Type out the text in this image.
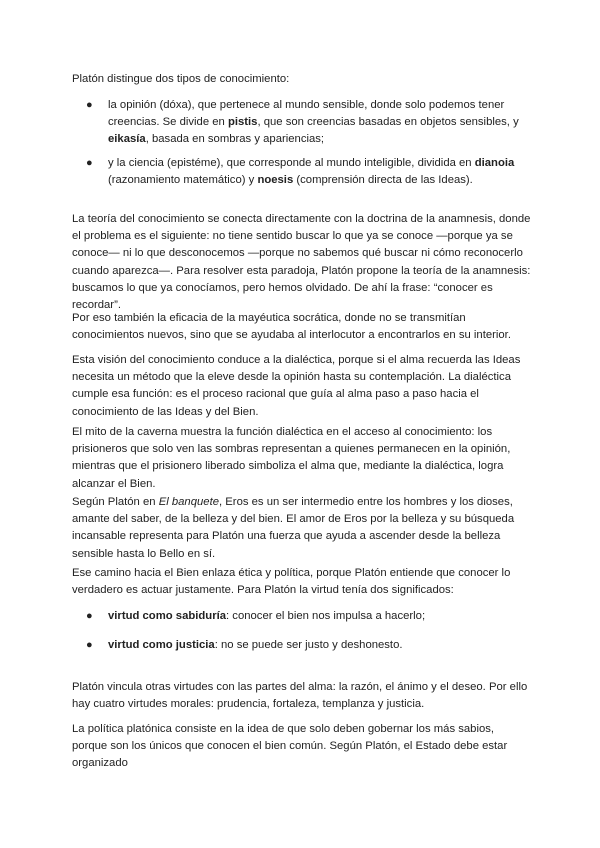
Platón distingue dos tipos de conocimiento:

● la opinión (dóxa), que pertenece al mundo sensible, donde solo podemos tener creencias. Se divide en pistis, que son creencias basadas en objetos sensibles, y eikasía, basada en sombras y apariencias;
● y la ciencia (epistéme), que corresponde al mundo inteligible, dividida en dianoia (razonamiento matemático) y noesis (comprensión directa de las Ideas).

La teoría del conocimiento se conecta directamente con la doctrina de la anamnesis, donde el problema es el siguiente: no tiene sentido buscar lo que ya se conoce —porque ya se conoce— ni lo que desconocemos —porque no sabemos qué buscar ni cómo reconocerlo cuando aparezca—. Para resolver esta paradoja, Platón propone la teoría de la anamnesis: buscamos lo que ya conocíamos, pero hemos olvidado. De ahí la frase: “conocer es recordar”.

Por eso también la eficacia de la mayéutica socrática, donde no se transmitían conocimientos nuevos, sino que se ayudaba al interlocutor a encontrarlos en su interior.

Esta visión del conocimiento conduce a la dialéctica, porque si el alma recuerda las Ideas necesita un método que la eleve desde la opinión hasta su contemplación. La dialéctica cumple esa función: es el proceso racional que guía al alma paso a paso hacia el conocimiento de las Ideas y del Bien.

El mito de la caverna muestra la función dialéctica en el acceso al conocimiento: los prisioneros que solo ven las sombras representan a quienes permanecen en la opinión, mientras que el prisionero liberado simboliza el alma que, mediante la dialéctica, logra alcanzar el Bien.

Según Platón en El banquete, Eros es un ser intermedio entre los hombres y los dioses, amante del saber, de la belleza y del bien. El amor de Eros por la belleza y su búsqueda incansable representa para Platón una fuerza que ayuda a ascender desde la belleza sensible hasta lo Bello en sí.

Ese camino hacia el Bien enlaza ética y política, porque Platón entiende que conocer lo verdadero es actuar justamente. Para Platón la virtud tenía dos significados:

● virtud como sabiduría: conocer el bien nos impulsa a hacerlo;
● virtud como justicia: no se puede ser justo y deshonesto.

Platón vincula otras virtudes con las partes del alma: la razón, el ánimo y el deseo. Por ello hay cuatro virtudes morales: prudencia, fortaleza, templanza y justicia.

La política platónica consiste en la idea de que solo deben gobernar los más sabios, porque son los únicos que conocen el bien común. Según Platón, el Estado debe estar organizado
